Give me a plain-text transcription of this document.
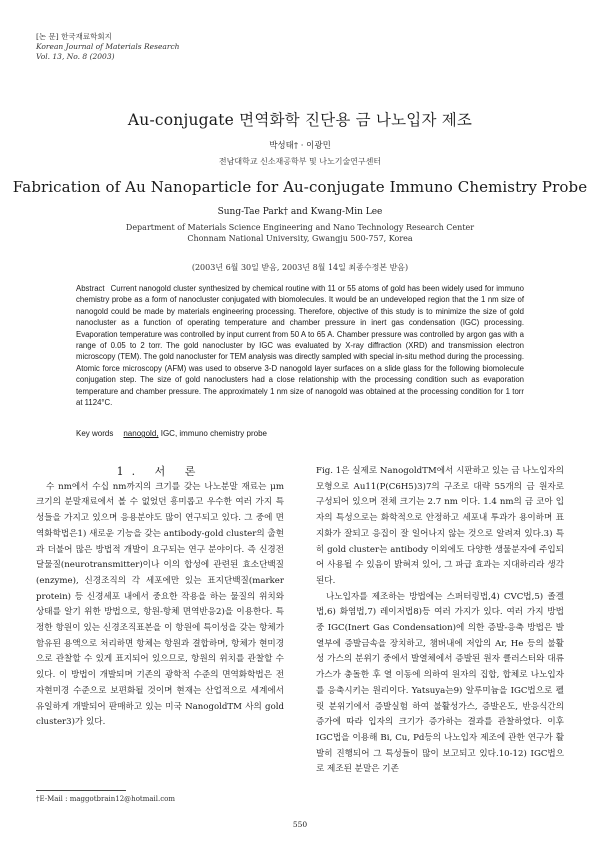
[논 문] 한국재료학회지
Korean Journal of Materials Research
Vol. 13, No. 8 (2003)
Au-conjugate 면역화학 진단용 금 나노입자 제조
박성태† · 이광민
전남대학교 신소재공학부 및 나노기술연구센터
Fabrication of Au Nanoparticle for Au-conjugate Immuno Chemistry Probe
Sung-Tae Park† and Kwang-Min Lee
Department of Materials Science Engineering and Nano Technology Research Center
Chonnam National University, Gwangju 500-757, Korea
(2003년 6월 30일 받음, 2003년 8월 14일 최종수정본 받음)
Abstract Current nanogold cluster synthesized by chemical routine with 11 or 55 atoms of gold has been widely used for immuno chemistry probe as a form of nanocluster conjugated with biomolecules. It would be an undeveloped region that the 1 nm size of nanogold could be made by materials engineering processing. Therefore, objective of this study is to minimize the size of gold nanocluster as a function of operating temperature and chamber pressure in inert gas condensation (IGC) processing. Evaporation temperature was controlled by input current from 50 A to 65 A. Chamber pressure was controlled by argon gas with a range of 0.05 to 2 torr. The gold nanocluster by IGC was evaluated by X-ray diffraction (XRD) and transmission electron microscopy (TEM). The gold nanocluster for TEM analysis was directly sampled with special in-situ method during the processing. Atomic force microscopy (AFM) was used to observe 3-D nanogold layer surfaces on a slide glass for the following biomolecule conjugation step. The size of gold nanoclusters had a close relationship with the processing condition such as evaporation temperature and chamber pressure. The approximately 1 nm size of nanogold was obtained at the processing condition for 1 torr at 1124°C.
Key words nanogold, IGC, immuno chemistry probe

1. 서 론

수 nm에서 수십 nm까지의 크기를 갖는 나노분말 재료는 μm 크기의 분말재료에서 볼 수 없었던 흥미롭고 우수한 여러 가지 특성들을 가지고 있으며 응용분야도 많이 연구되고 있다. 그 중에 면역화학법은1) 새로운 기능을 갖는 antibody-gold cluster의 출현과 더불어 많은 방법적 개발이 요구되는 연구 분야이다. 즉 신경전달물질(neurotransmitter)이나 이의 합성에 관련된 효소단백질(enzyme), 신경조직의 각 세포에만 있는 표지단백질(marker protein) 등 신경세포 내에서 중요한 작용을 하는 물질의 위치와 상태를 알기 위한 방법으로, 항원-항체 면역반응2)을 이용한다. 특정한 항원이 있는 신경조직표본을 이 항원에 특이성을 갖는 항체가 함유된 용액으로 처리하면 항체는 항원과 결합하며, 항체가 현미경으로 관찰할 수 있게 표지되어 있으므로, 항원의 위치를 관찰할 수 있다. 이 방법이 개발되며 기존의 광학적 수준의 면역화학법은 전자현미경 수준으로 보편화될 것이며 현재는 산업적으로 세계에서 유일하게 개발되어 판매하고 있는 미국 NanogoldTM 사의 gold cluster3)가 있다.

Fig. 1은 실제로 NanogoldTM에서 시판하고 있는 금 나노입자의 모형으로 Au11(P(C6H5)3)7의 구조로 대략 55개의 금 원자로 구성되어 있으며 전체 크기는 2.7 nm 이다. 1.4 nm의 금 코아 입자의 특성으로는 화학적으로 안정하고 세포내 투과가 용이하며 표지화가 잘되고 응집이 잘 일어나지 않는 것으로 알려져 있다.3) 특히 gold cluster는 antibody 이외에도 다양한 생물분자에 주입되어 사용될 수 있음이 밝혀져 있어, 그 파급 효과는 지대하리라 생각된다.

나노입자를 제조하는 방법에는 스퍼터링법,4) CVC법,5) 졸겔법,6) 화염법,7) 레이저법8)등 여러 가지가 있다. 여러 가지 방법 중 IGC(Inert Gas Condensation)에 의한 증발-응축 방법은 발열부에 증발금속을 장치하고, 챔버내에 저압의 Ar, He 등의 불활성 가스의 분위기 중에서 발열체에서 증발된 원자 클러스터와 대류가스가 충돌한 후 열 이동에 의하여 원자의 집합, 합체로 나노입자를 응축시키는 원리이다. Yatsuya는9) 알루미늄을 IGC법으로 펠릿 분위기에서 증발실험 하여 불활성가스, 증발온도, 반응식간의 증가에 따라 입자의 크기가 증가하는 결과를 관찰하였다. 이후 IGC법을 이용해 Bi, Cu, Pd등의 나노입자 제조에 관한 연구가 활발히 진행되어 그 특성들이 많이 보고되고 있다.10-12) IGC법으로 제조된 분말은 기존

†E-Mail : maggotbrain12@hotmail.com
550
